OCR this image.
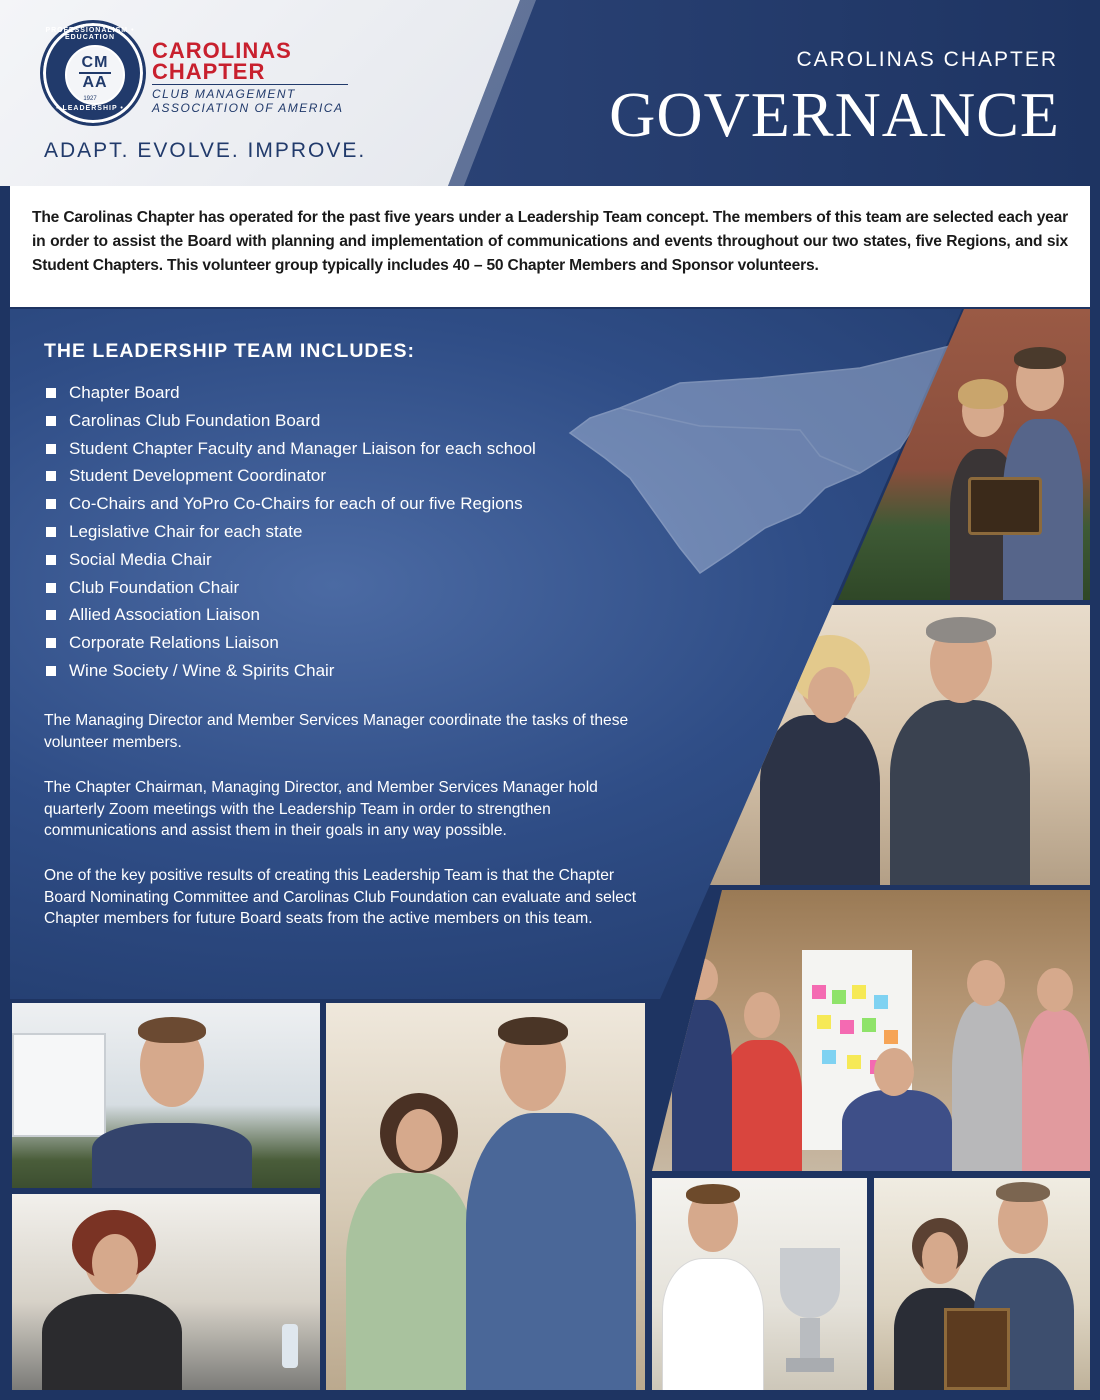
PROFESSIONALISM • EDUCATION
CM
AA
1927
• LEADERSHIP •
CAROLINAS
CHAPTER
CLUB MANAGEMENT
ASSOCIATION OF AMERICA
ADAPT. EVOLVE. IMPROVE.
CAROLINAS CHAPTER
GOVERNANCE
The Carolinas Chapter has operated for the past five years under a Leadership Team concept. The members of this team are selected each year in order to assist the Board with planning and implementation of communications and events throughout our two states, five Regions, and six Student Chapters. This volunteer group typically includes 40 – 50 Chapter Members and Sponsor volunteers.
THE LEADERSHIP TEAM INCLUDES:
Chapter Board
Carolinas Club Foundation Board
Student Chapter Faculty and Manager Liaison for each school
Student Development Coordinator
Co-Chairs and YoPro Co-Chairs for each of our five Regions
Legislative Chair for each state
Social Media Chair
Club Foundation Chair
Allied Association Liaison
Corporate Relations Liaison
Wine Society / Wine & Spirits Chair
The Managing Director and Member Services Manager coordinate the tasks of these volunteer members.
The Chapter Chairman, Managing Director, and Member Services Manager hold quarterly Zoom meetings with the Leadership Team in order to strengthen communications and assist them in their goals in any way possible.
One of the key positive results of creating this Leadership Team is that the Chapter Board Nominating Committee and Carolinas Club Foundation can evaluate and select Chapter members for future Board seats from the active members on this team.
